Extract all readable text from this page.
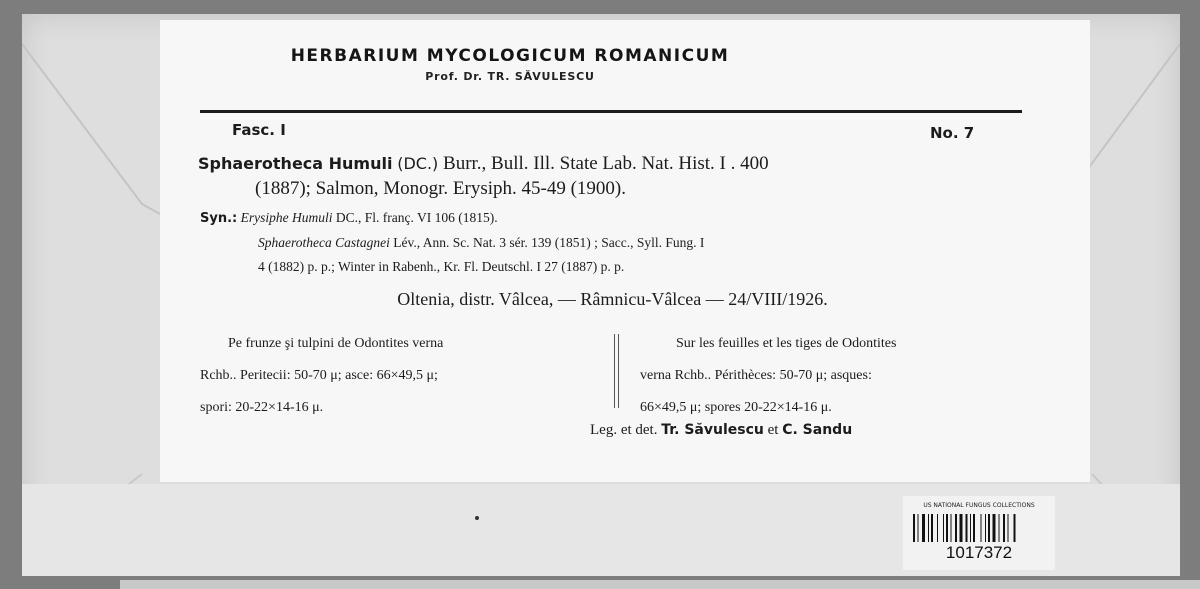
HERBARIUM MYCOLOGICUM ROMANICUM
Prof. Dr. TR. SĂVULESCU
Fasc. I	No. 7
Sphaerotheca Humuli (DC.) Burr., Bull. Ill. State Lab. Nat. Hist. I . 400
(1887); Salmon, Monogr. Erysiph. 45-49 (1900).
Syn.: Erysiphe Humuli DC., Fl. franç. VI 106 (1815).
Sphaerotheca Castagnei Lév., Ann. Sc. Nat. 3 sér. 139 (1851) ; Sacc., Syll. Fung. I
4 (1882) p. p.; Winter in Rabenh., Kr. Fl. Deutschl. I 27 (1887) p. p.
Oltenia, distr. Vâlcea, — Râmnicu-Vâlcea — 24/VIII/1926.
Pe frunze şi tulpini de Odontites verna
Rchb.. Peritecii: 50-70 μ; asce: 66×49,5 μ;
spori: 20-22×14-16 μ.
Sur les feuilles et les tiges de Odontites
verna Rchb.. Périthèces: 50-70 μ; asques:
66×49,5 μ; spores 20-22×14-16 μ.
Leg. et det. Tr. Săvulescu et C. Sandu
US NATIONAL FUNGUS COLLECTIONS
1017372
